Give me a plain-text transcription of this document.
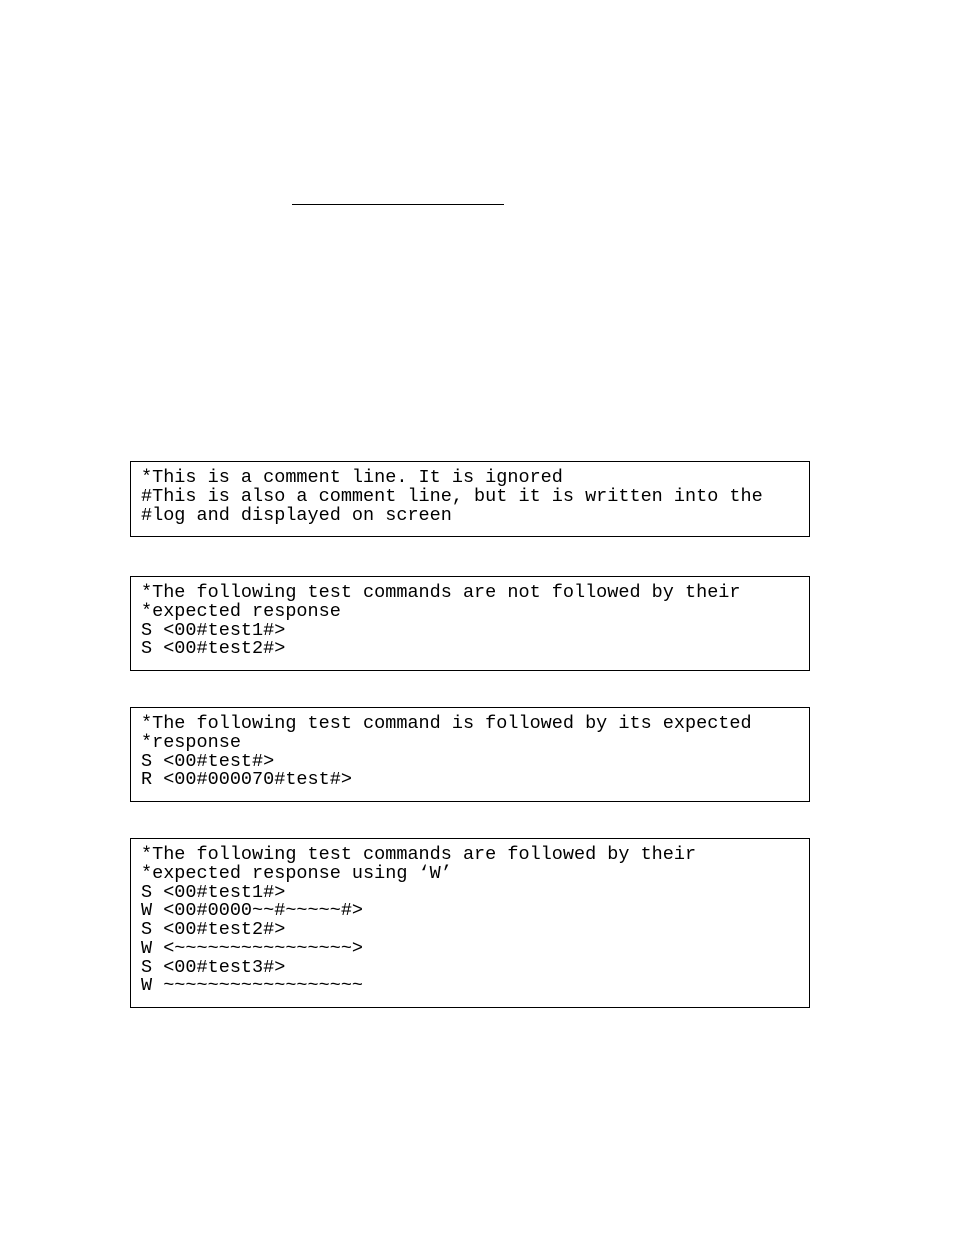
*This is a comment line. It is ignored
#This is also a comment line, but it is written into the
#log and displayed on screen
*The following test commands are not followed by their
*expected response
S <00#test1#>
S <00#test2#>
*The following test command is followed by its expected
*response
S <00#test#>
R <00#000070#test#>
*The following test commands are followed by their
*expected response using ‘W’
S <00#test1#>
W <00#0000~~#~~~~~#>
S <00#test2#>
W <~~~~~~~~~~~~~~~~>
S <00#test3#>
W ~~~~~~~~~~~~~~~~~~
